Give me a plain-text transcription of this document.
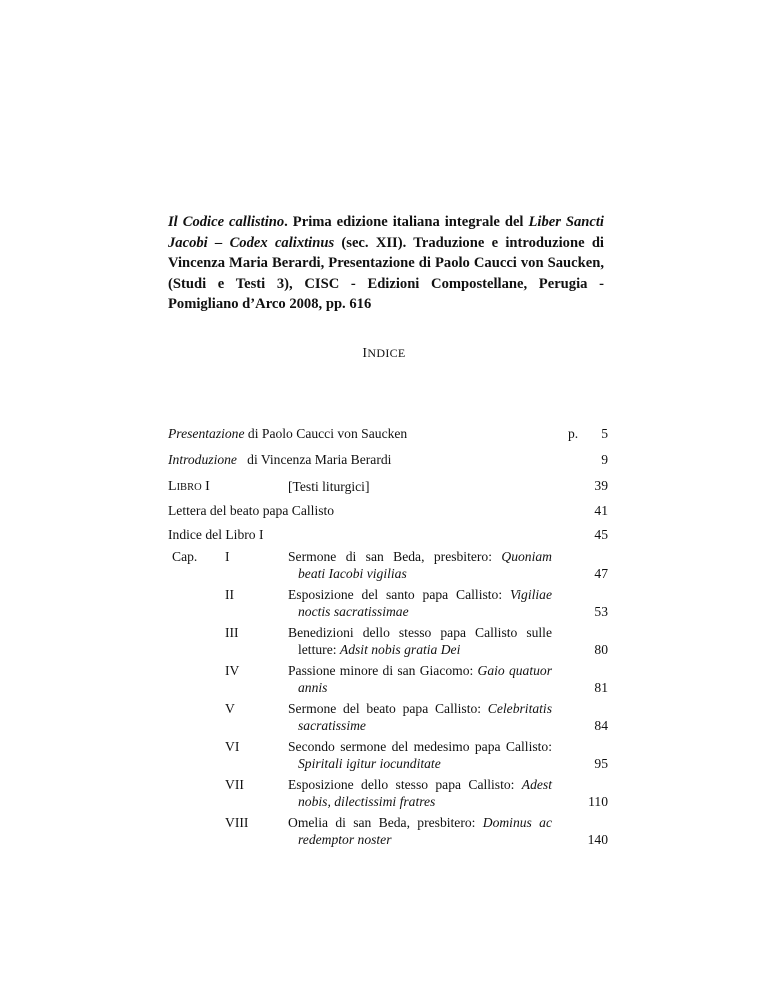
Il Codice callistino. Prima edizione italiana integrale del Liber Sancti Jacobi – Codex calixtinus (sec. XII). Traduzione e introduzione di Vincenza Maria Berardi, Presentazione di Paolo Caucci von Saucken, (Studi e Testi 3), CISC - Edizioni Compostellane, Perugia - Pomigliano d’Arco 2008, pp. 616
INDICE
Presentazione di Paolo Caucci von Saucken	p. 5
Introduzione   di Vincenza Maria Berardi	9
LIBRO I	[Testi liturgici]	39
Lettera del beato papa Callisto	41
Indice del Libro I	45
Cap. I	Sermone di san Beda, presbitero: Quoniam beati Iacobi vigilias	47
II	Esposizione del santo papa Callisto: Vigiliae noctis sacratissimae	53
III	Benedizioni dello stesso papa Callisto sulle letture: Adsit nobis gratia Dei	80
IV	Passione minore di san Giacomo: Gaio quatuor annis	81
V	Sermone del beato papa Callisto: Celebritatis sacratissime	84
VI	Secondo sermone del medesimo papa Callisto: Spiritali igitur iocunditate	95
VII	Esposizione dello stesso papa Callisto: Adest nobis, dilectissimi fratres	110
VIII	Omelia di san Beda, presbitero: Dominus ac redemptor noster	140
